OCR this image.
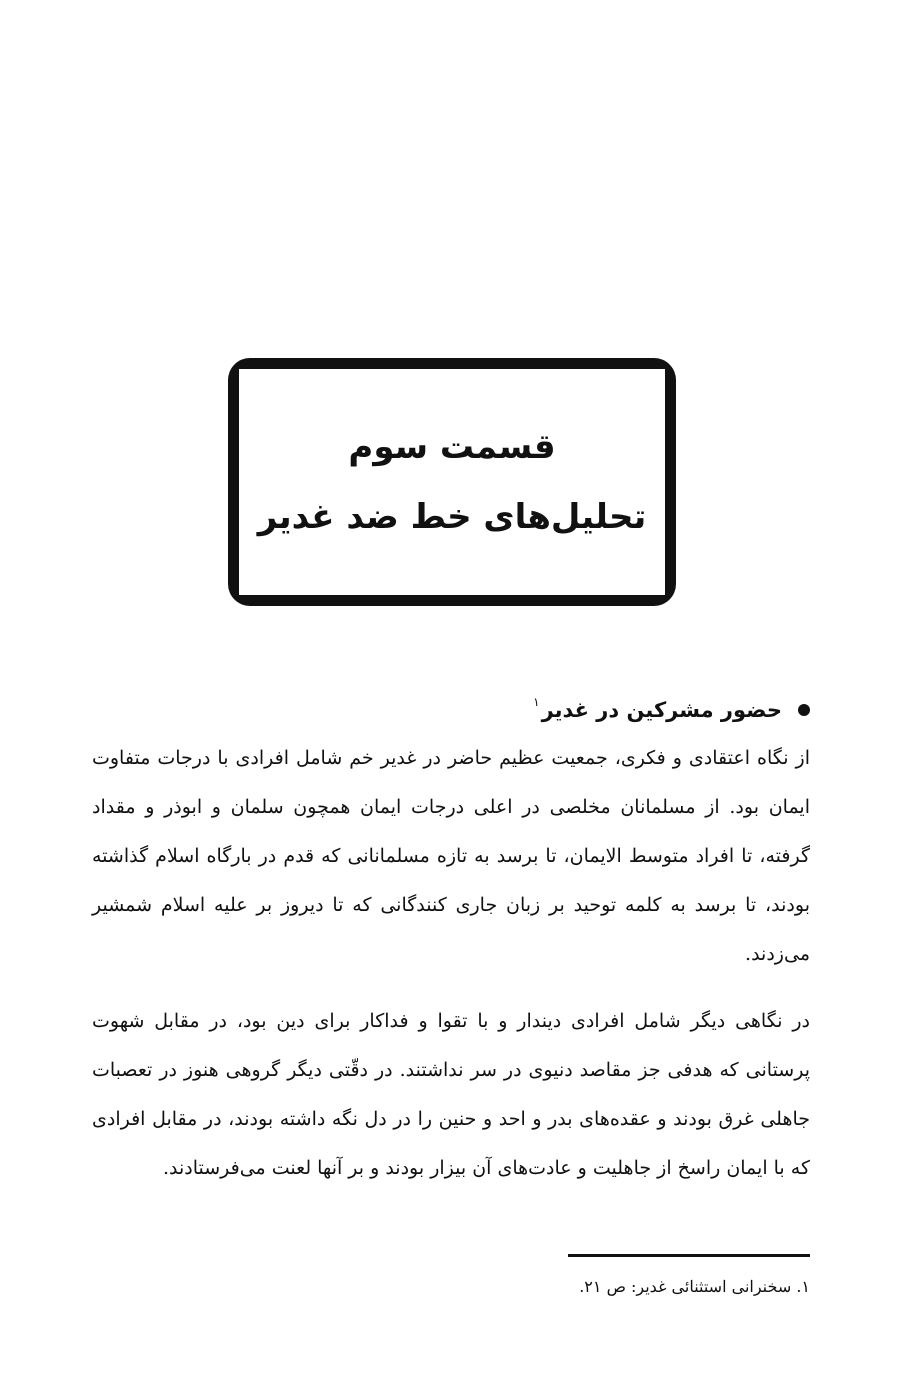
قسمت سوم
تحلیل‌های خط ضد غدیر
حضور مشرکین در غدیر
$^۱$

از نگاه اعتقادی و فکری، جمعیت عظیم حاضر در غدیر خم شامل افرادی با درجات متفاوت ایمان بود. از مسلمانان مخلصی در اعلی درجات ایمان همچون سلمان و ابوذر و مقداد گرفته، تا افراد متوسط الایمان، تا برسد به تازه مسلمانانی که قدم در بارگاه اسلام گذاشته بودند، تا برسد به کلمه توحید بر زبان جاری کنندگانی که تا دیروز بر علیه اسلام شمشیر می‌زدند.

در نگاهی دیگر شامل افرادی دیندار و با تقوا و فداکار برای دین بود، در مقابل شهوت پرستانی که هدفی جز مقاصد دنیوی در سر نداشتند. در دقّتی دیگر گروهی هنوز در تعصبات جاهلی غرق بودند و عقده‌های بدر و احد و حنین را در دل نگه داشته بودند، در مقابل افرادی که با ایمان راسخ از جاهلیت و عادت‌های آن بیزار بودند و بر آنها لعنت می‌فرستادند.

۱. سخنرانی استثنائی غدیر: ص ۲۱.
